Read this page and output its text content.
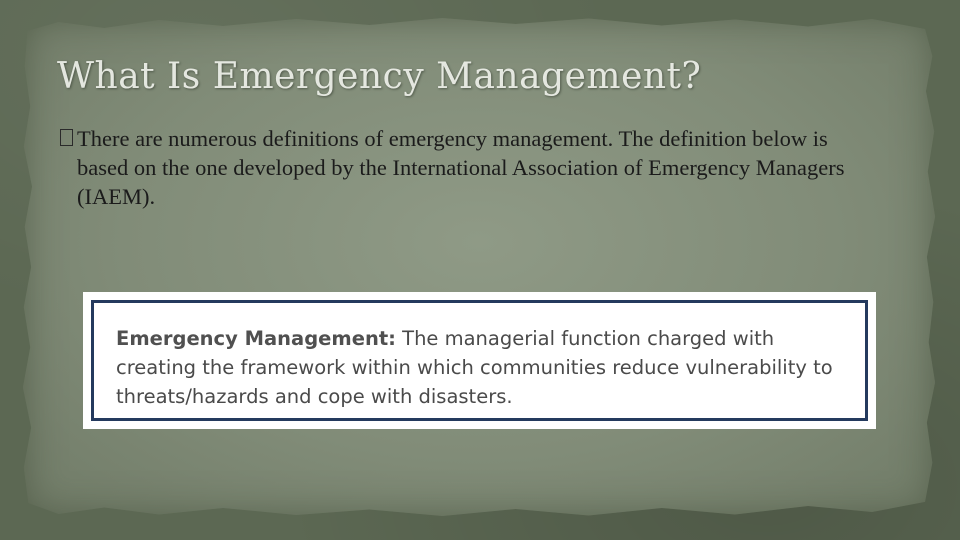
What Is Emergency Management?

There are numerous definitions of emergency management. The definition below is based on the one developed by the International Association of Emergency Managers (IAEM).

Emergency Management: The managerial function charged with creating the framework within which communities reduce vulnerability to threats/hazards and cope with disasters.
